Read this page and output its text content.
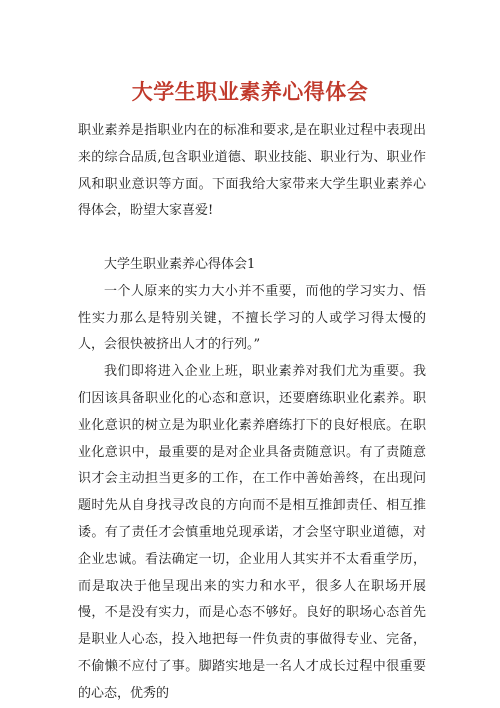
大学生职业素养心得体会

职业素养是指职业内在的标准和要求,是在职业过程中表现出来的综合品质,包含职业道德、职业技能、职业行为、职业作风和职业意识等方面。下面我给大家带来大学生职业素养心得体会，盼望大家喜爱!

大学生职业素养心得体会1

一个人原来的实力大小并不重要，而他的学习实力、悟性实力那么是特别关键，不擅长学习的人或学习得太慢的人，会很快被挤出人才的行列。”

我们即将进入企业上班，职业素养对我们尤为重要。我们因该具备职业化的心态和意识，还要磨练职业化素养。职业化意识的树立是为职业化素养磨练打下的良好根底。在职业化意识中，最重要的是对企业具备责随意识。有了责随意识才会主动担当更多的工作，在工作中善始善终，在出现问题时先从自身找寻改良的方向而不是相互推卸责任、相互推诿。有了责任才会慎重地兑现承诺，才会坚守职业道德，对企业忠诚。看法确定一切，企业用人其实并不太看重学历，而是取决于他呈现出来的实力和水平，很多人在职场开展慢，不是没有实力，而是心态不够好。良好的职场心态首先是职业人心态，投入地把每一件负责的事做得专业、完备，不偷懒不应付了事。脚踏实地是一名人才成长过程中很重要的心态，优秀的
